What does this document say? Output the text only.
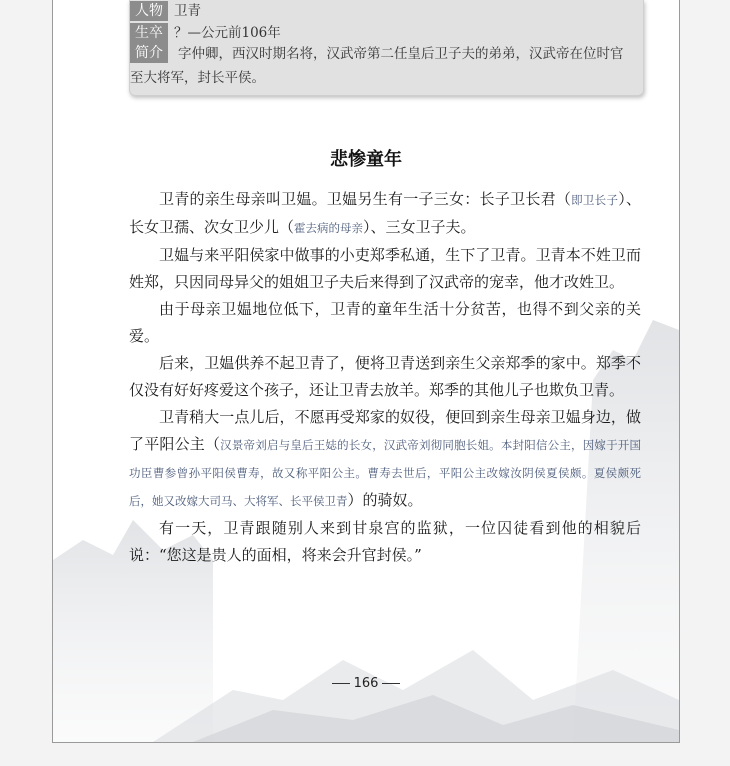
人物 卫青
生卒 ？—公元前106年
简介	字仲卿，西汉时期名将，汉武帝第二任皇后卫子夫的弟弟，汉武帝在位时官至大将军，封长平侯。
悲惨童年

卫青的亲生母亲叫卫媪。卫媪另生有一子三女：长子卫长君（即卫长子）、长女卫孺、次女卫少儿（霍去病的母亲）、三女卫子夫。

卫媪与来平阳侯家中做事的小吏郑季私通，生下了卫青。卫青本不姓卫而姓郑，只因同母异父的姐姐卫子夫后来得到了汉武帝的宠幸，他才改姓卫。

由于母亲卫媪地位低下，卫青的童年生活十分贫苦，也得不到父亲的关爱。

后来，卫媪供养不起卫青了，便将卫青送到亲生父亲郑季的家中。郑季不仅没有好好疼爱这个孩子，还让卫青去放羊。郑季的其他儿子也欺负卫青。

卫青稍大一点儿后，不愿再受郑家的奴役，便回到亲生母亲卫媪身边，做了平阳公主（汉景帝刘启与皇后王娡的长女，汉武帝刘彻同胞长姐。本封阳信公主，因嫁于开国功臣曹参曾孙平阳侯曹寿，故又称平阳公主。曹寿去世后，平阳公主改嫁汝阴侯夏侯颇。夏侯颇死后，她又改嫁大司马、大将军、长平侯卫青）的骑奴。

有一天，卫青跟随别人来到甘泉宫的监狱，一位囚徒看到他的相貌后说：“您这是贵人的面相，将来会升官封侯。”

166
